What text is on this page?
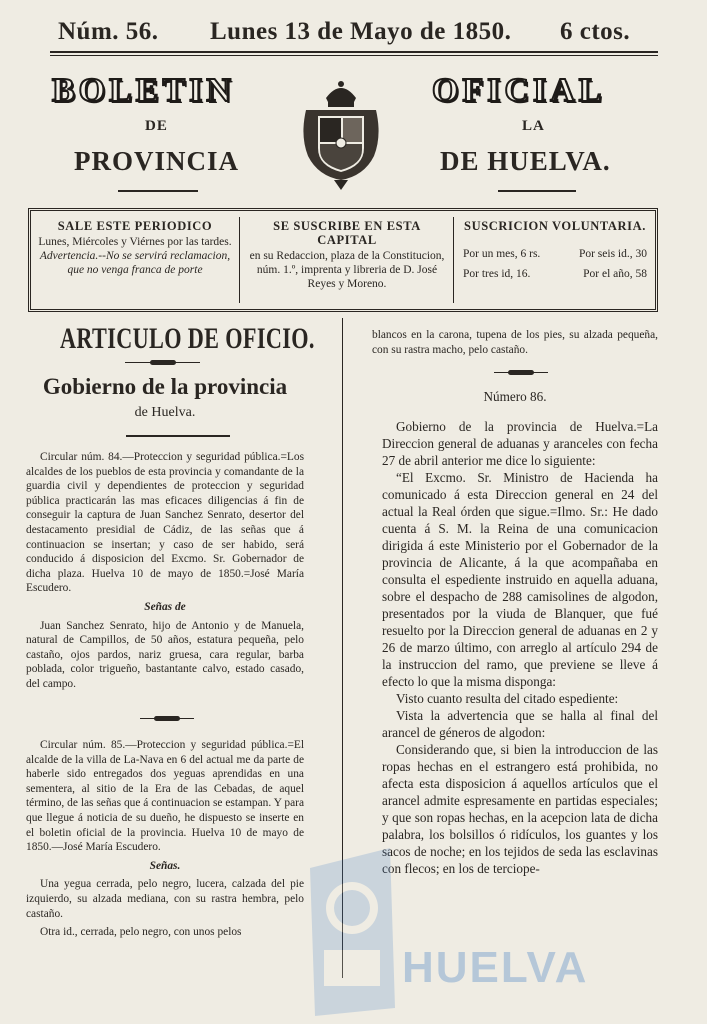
Núm. 56. Lunes 13 de Mayo de 1850. 6 ctos.
BOLETIN
DE
PROVINCIA
OFICIAL
LA
DE HUELVA.
SALE ESTE PERIODICO
Lunes, Miércoles y Viérnes por las tardes.
Advertencia.--No se servirá reclamacion, que no venga franca de porte
SE SUSCRIBE EN ESTA CAPITAL
en su Redaccion, plaza de la Constitucion, núm. 1.º, imprenta y libreria de D. José Reyes y Moreno.
SUSCRICION VOLUNTARIA.
Por un mes, 6 rs.	Por seis id., 30
Por tres id, 16.	Por el año, 58
ARTICULO DE OFICIO.
Gobierno de la provincia
de Huelva.

Circular núm. 84.—Proteccion y seguridad pública.=Los alcaldes de los pueblos de esta provincia y comandante de la guardia civil y dependientes de proteccion y seguridad pública practicarán las mas eficaces diligencias á fin de conseguir la captura de Juan Sanchez Senrato, desertor del destacamento presidial de Cádiz, de las señas que á continuacion se insertan; y caso de ser habido, será conducido á disposicion del Excmo. Sr. Gobernador de dicha plaza. Huelva 10 de mayo de 1850.=José María Escudero.

Señas de

Juan Sanchez Senrato, hijo de Antonio y de Manuela, natural de Campillos, de 50 años, estatura pequeña, pelo castaño, ojos pardos, nariz gruesa, cara regular, barba poblada, color trigueño, bastantante calvo, estado casado, del campo.

Circular núm. 85.—Proteccion y seguridad pública.=El alcalde de la villa de La-Nava en 6 del actual me da parte de haberle sido entregados dos yeguas aprendidas en una sementera, al sitio de la Era de las Cebadas, de aquel término, de las señas que á continuacion se estampan. Y para que llegue á noticia de su dueño, he dispuesto se inserte en el boletin oficial de la provincia. Huelva 10 de mayo de 1850.—José María Escudero.

Señas.

Una yegua cerrada, pelo negro, lucera, calzada del pie izquierdo, su alzada mediana, con su rastra hembra, pelo castaño.

Otra id., cerrada, pelo negro, con unos pelos

blancos en la carona, tupena de los pies, su alzada pequeña, con su rastra macho, pelo castaño.

Número 86.

Gobierno de la provincia de Huelva.=La Direccion general de aduanas y aranceles con fecha 27 de abril anterior me dice lo siguiente:

“El Excmo. Sr. Ministro de Hacienda ha comunicado á esta Direccion general en 24 del actual la Real órden que sigue.=Ilmo. Sr.: He dado cuenta á S. M. la Reina de una comunicacion dirigida á este Ministerio por el Gobernador de la provincia de Alicante, á la que acompañaba en consulta el espediente instruido en aquella aduana, sobre el despacho de 288 camisolines de algodon, presentados por la viuda de Blanquer, que fué resuelto por la Direccion general de aduanas en 2 y 26 de marzo último, con arreglo al artículo 294 de la instruccion del ramo, que previene se lleve á efecto lo que la misma disponga:

Visto cuanto resulta del citado espediente:

Vista la advertencia que se halla al final del arancel de géneros de algodon:

Considerando que, si bien la introduccion de las ropas hechas en el estrangero está prohibida, no afecta esta disposicion á aquellos artículos que el arancel admite espresamente en partidas especiales; y que son ropas hechas, en la acepcion lata de dicha palabra, los bolsillos ó ridículos, los guantes y los sacos de noche; en los tejidos de seda las esclavinas con flecos; en los de terciope-

HUELVA
